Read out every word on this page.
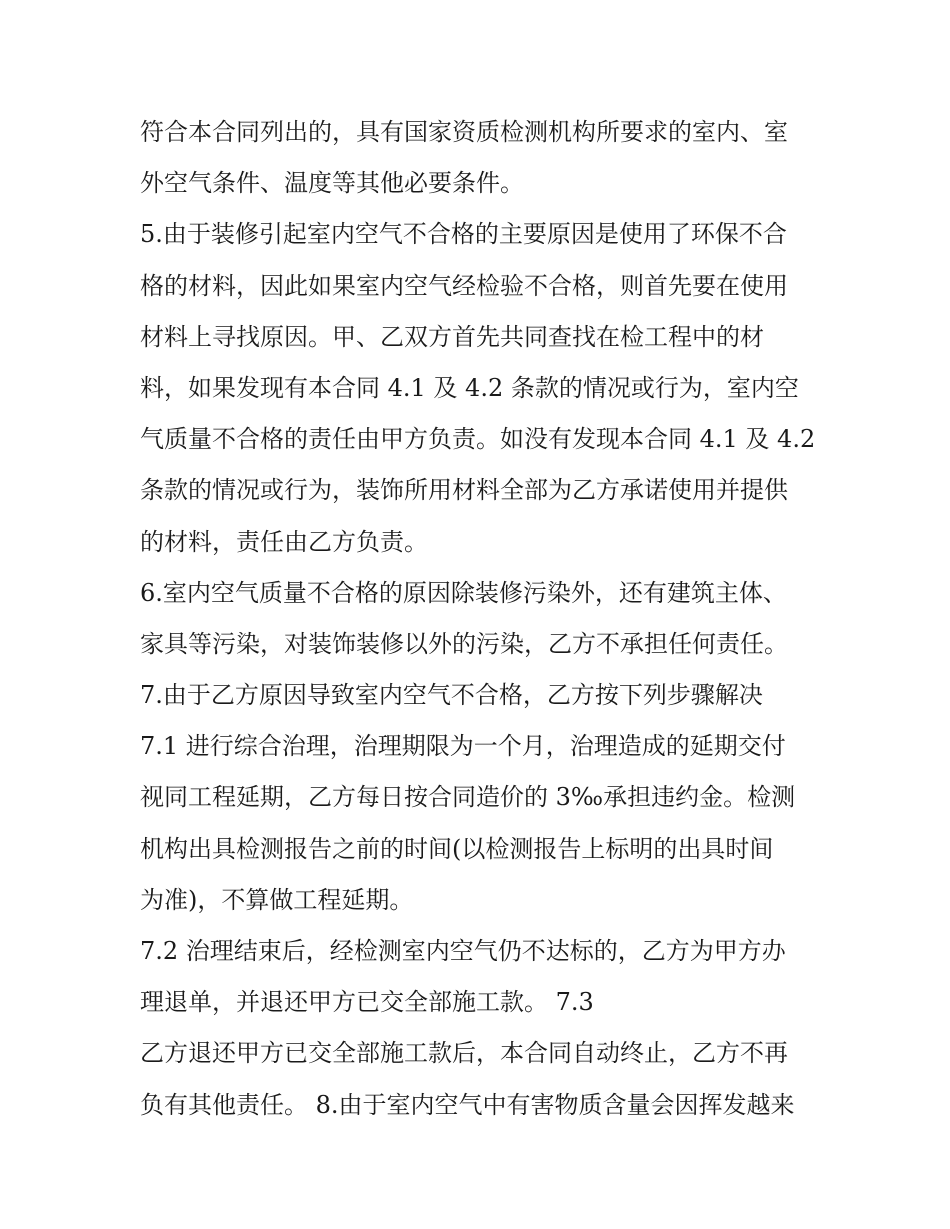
符合本合同列出的，具有国家资质检测机构所要求的室内、室
外空气条件、温度等其他必要条件。
5.由于装修引起室内空气不合格的主要原因是使用了环保不合
格的材料，因此如果室内空气经检验不合格，则首先要在使用
材料上寻找原因。甲、乙双方首先共同查找在检工程中的材
料，如果发现有本合同 4.1 及 4.2 条款的情况或行为，室内空
气质量不合格的责任由甲方负责。如没有发现本合同 4.1 及 4.2
条款的情况或行为，装饰所用材料全部为乙方承诺使用并提供
的材料，责任由乙方负责。
6.室内空气质量不合格的原因除装修污染外，还有建筑主体、
家具等污染，对装饰装修以外的污染，乙方不承担任何责任。
7.由于乙方原因导致室内空气不合格，乙方按下列步骤解决
7.1 进行综合治理，治理期限为一个月，治理造成的延期交付
视同工程延期，乙方每日按合同造价的 3‰承担违约金。检测
机构出具检测报告之前的时间(以检测报告上标明的出具时间
为准)，不算做工程延期。
7.2 治理结束后，经检测室内空气仍不达标的，乙方为甲方办
理退单，并退还甲方已交全部施工款。 7.3
乙方退还甲方已交全部施工款后，本合同自动终止，乙方不再
负有其他责任。 8.由于室内空气中有害物质含量会因挥发越来
